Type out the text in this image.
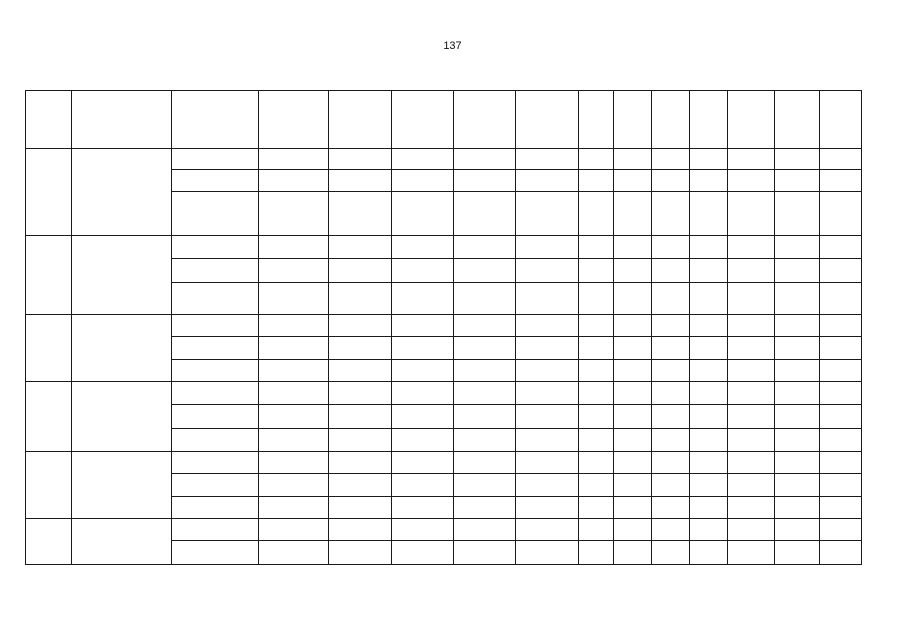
137
